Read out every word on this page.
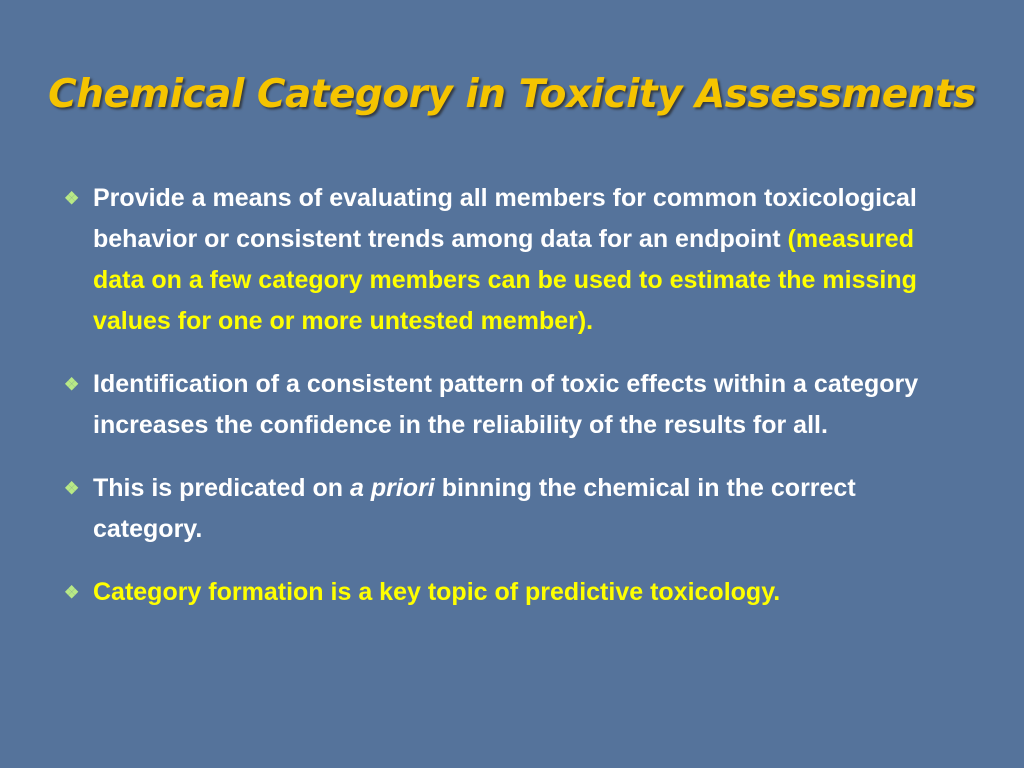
Chemical Category in Toxicity Assessments
❖ Provide a means of evaluating all members for common toxicological behavior or consistent trends among data for an endpoint (measured data on a few category members can be used to estimate the missing values for one or more untested member).
❖ Identification of a consistent pattern of toxic effects within a category increases the confidence in the reliability of the results for all.
❖ This is predicated on a priori binning the chemical in the correct category.
❖ Category formation is a key topic of predictive toxicology.
